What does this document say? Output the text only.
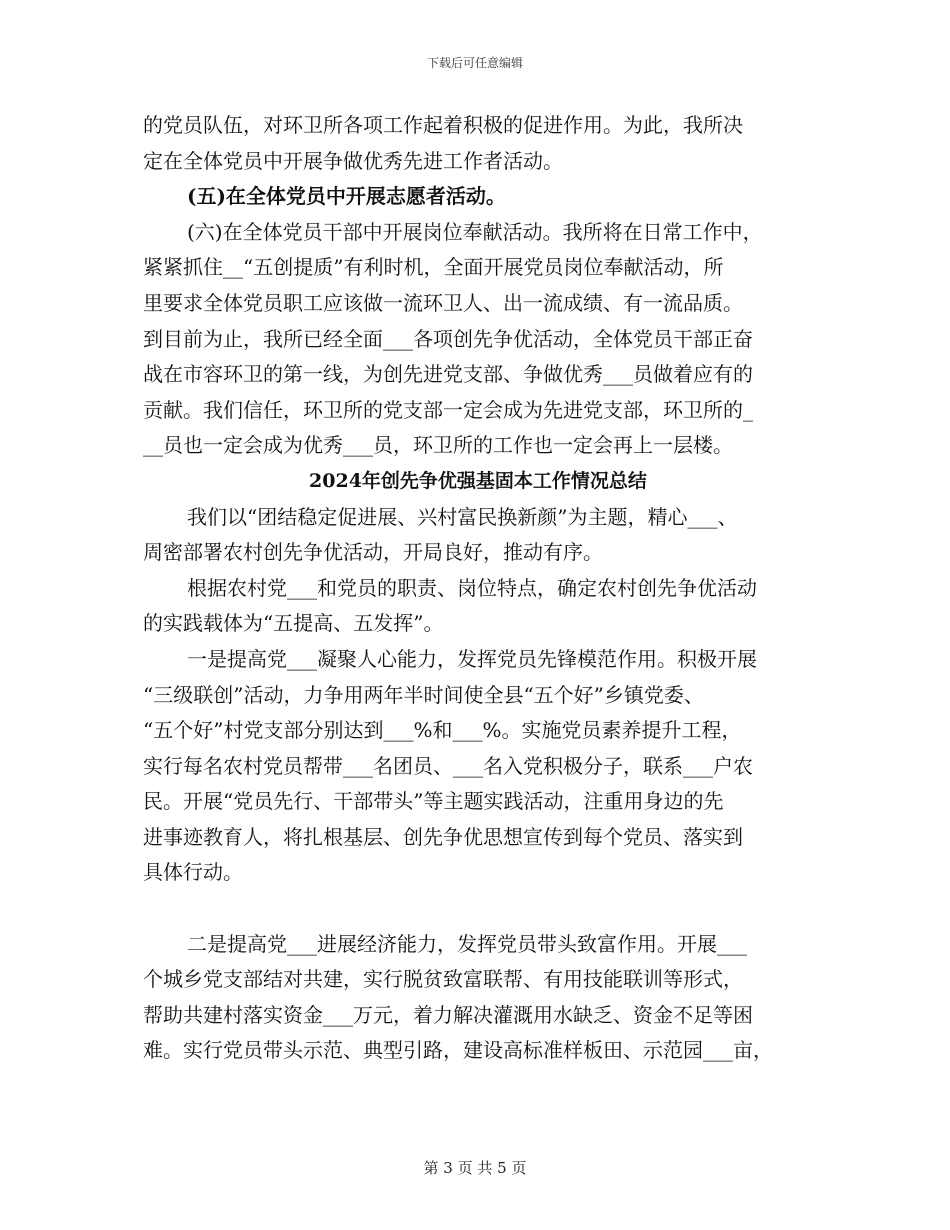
下载后可任意编辑
的党员队伍，对环卫所各项工作起着积极的促进作用。为此，我所决
定在全体党员中开展争做优秀先进工作者活动。
(五)在全体党员中开展志愿者活动。
(六)在全体党员干部中开展岗位奉献活动。我所将在日常工作中，
紧紧抓住__“五创提质”有利时机，全面开展党员岗位奉献活动，所
里要求全体党员职工应该做一流环卫人、出一流成绩、有一流品质。
到目前为止，我所已经全面___各项创先争优活动，全体党员干部正奋
战在市容环卫的第一线，为创先进党支部、争做优秀___员做着应有的
贡献。我们信任，环卫所的党支部一定会成为先进党支部，环卫所的_
__员也一定会成为优秀___员，环卫所的工作也一定会再上一层楼。
2024年创先争优强基固本工作情况总结
我们以“团结稳定促进展、兴村富民换新颜”为主题，精心___、
周密部署农村创先争优活动，开局良好，推动有序。
根据农村党___和党员的职责、岗位特点，确定农村创先争优活动
的实践载体为“五提高、五发挥”。
一是提高党___凝聚人心能力，发挥党员先锋模范作用。积极开展
“三级联创”活动，力争用两年半时间使全县“五个好”乡镇党委、
“五个好”村党支部分别达到___%和___%。实施党员素养提升工程，
实行每名农村党员帮带___名团员、___名入党积极分子，联系___户农
民。开展“党员先行、干部带头”等主题实践活动，注重用身边的先
进事迹教育人，将扎根基层、创先争优思想宣传到每个党员、落实到
具体行动。
二是提高党___进展经济能力，发挥党员带头致富作用。开展___
个城乡党支部结对共建，实行脱贫致富联帮、有用技能联训等形式，
帮助共建村落实资金___万元，着力解决灌溉用水缺乏、资金不足等困
难。实行党员带头示范、典型引路，建设高标准样板田、示范园___亩，
第 3 页 共 5 页
